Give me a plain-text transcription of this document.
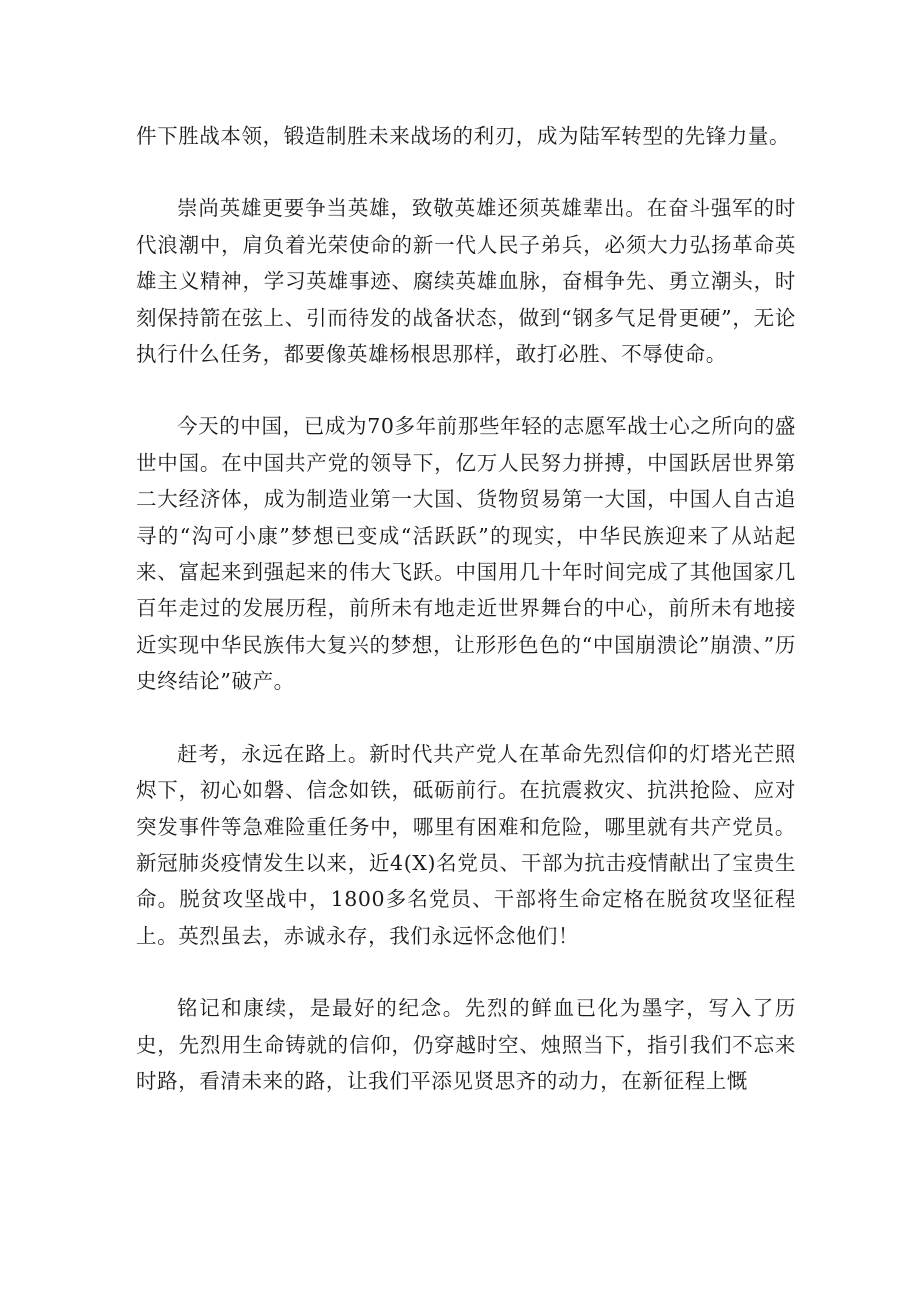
件下胜战本领，锻造制胜未来战场的利刃，成为陆军转型的先锋力量。

崇尚英雄更要争当英雄，致敬英雄还须英雄辈出。在奋斗强军的时代浪潮中，肩负着光荣使命的新一代人民子弟兵，必须大力弘扬革命英雄主义精神，学习英雄事迹、腐续英雄血脉，奋楫争先、勇立潮头，时刻保持箭在弦上、引而待发的战备状态，做到“钢多气足骨更硬”，无论执行什么任务，都要像英雄杨根思那样，敢打必胜、不辱使命。

今天的中国，已成为70多年前那些年轻的志愿军战士心之所向的盛世中国。在中国共产党的领导下，亿万人民努力拼搏，中国跃居世界第二大经济体，成为制造业第一大国、货物贸易第一大国，中国人自古追寻的“沟可小康”梦想已变成“活跃跃”的现实，中华民族迎来了从站起来、富起来到强起来的伟大飞跃。中国用几十年时间完成了其他国家几百年走过的发展历程，前所未有地走近世界舞台的中心，前所未有地接近实现中华民族伟大复兴的梦想，让形形色色的“中国崩溃论”崩溃、”历史终结论”破产。

赶考，永远在路上。新时代共产党人在革命先烈信仰的灯塔光芒照烬下，初心如磐、信念如铁，砥砺前行。在抗震救灾、抗洪抢险、应对突发事件等急难险重任务中，哪里有困难和危险，哪里就有共产党员。新冠肺炎疫情发生以来，近4(X)名党员、干部为抗击疫情献出了宝贵生命。脱贫攻坚战中，1800多名党员、干部将生命定格在脱贫攻坚征程上。英烈虽去，赤诚永存，我们永远怀念他们！

铭记和康续，是最好的纪念。先烈的鲜血已化为墨字，写入了历史，先烈用生命铸就的信仰，仍穿越时空、烛照当下，指引我们不忘来时路，看清未来的路，让我们平添见贤思齐的动力，在新征程上慨
